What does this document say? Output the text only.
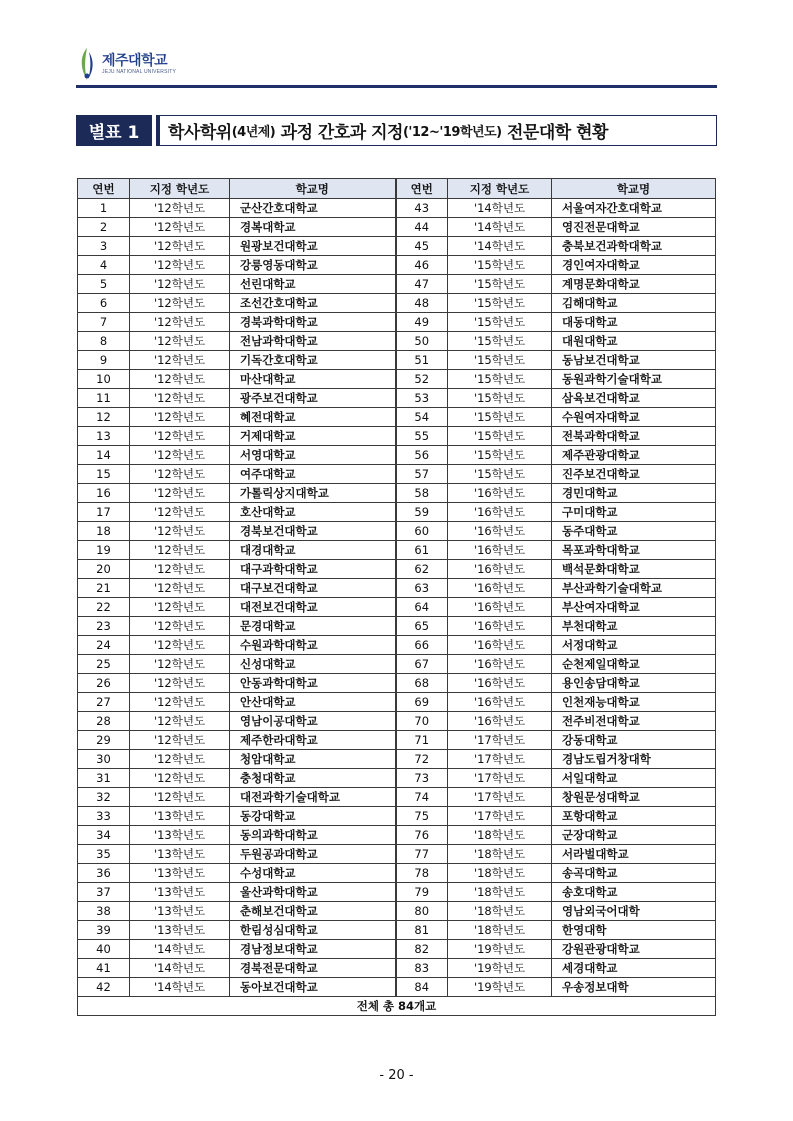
제주대학교
JEJU NATIONAL UNIVERSITY
별표 1	학사학위 (4년제) 과정 간호과 지정 ('12~'19학년도) 전문대학 현황
연번	지정 학년도	학교명	연번	지정 학년도	학교명
1	'12학년도	군산간호대학교	43	'14학년도	서울여자간호대학교
2	'12학년도	경복대학교	44	'14학년도	영진전문대학교
3	'12학년도	원광보건대학교	45	'14학년도	충북보건과학대학교
4	'12학년도	강릉영동대학교	46	'15학년도	경인여자대학교
5	'12학년도	선린대학교	47	'15학년도	계명문화대학교
6	'12학년도	조선간호대학교	48	'15학년도	김해대학교
7	'12학년도	경북과학대학교	49	'15학년도	대동대학교
8	'12학년도	전남과학대학교	50	'15학년도	대원대학교
9	'12학년도	기독간호대학교	51	'15학년도	동남보건대학교
10	'12학년도	마산대학교	52	'15학년도	동원과학기술대학교
11	'12학년도	광주보건대학교	53	'15학년도	삼육보건대학교
12	'12학년도	혜전대학교	54	'15학년도	수원여자대학교
13	'12학년도	거제대학교	55	'15학년도	전북과학대학교
14	'12학년도	서영대학교	56	'15학년도	제주관광대학교
15	'12학년도	여주대학교	57	'15학년도	진주보건대학교
16	'12학년도	가톨릭상지대학교	58	'16학년도	경민대학교
17	'12학년도	호산대학교	59	'16학년도	구미대학교
18	'12학년도	경북보건대학교	60	'16학년도	동주대학교
19	'12학년도	대경대학교	61	'16학년도	목포과학대학교
20	'12학년도	대구과학대학교	62	'16학년도	백석문화대학교
21	'12학년도	대구보건대학교	63	'16학년도	부산과학기술대학교
22	'12학년도	대전보건대학교	64	'16학년도	부산여자대학교
23	'12학년도	문경대학교	65	'16학년도	부천대학교
24	'12학년도	수원과학대학교	66	'16학년도	서정대학교
25	'12학년도	신성대학교	67	'16학년도	순천제일대학교
26	'12학년도	안동과학대학교	68	'16학년도	용인송담대학교
27	'12학년도	안산대학교	69	'16학년도	인천재능대학교
28	'12학년도	영남이공대학교	70	'16학년도	전주비전대학교
29	'12학년도	제주한라대학교	71	'17학년도	강동대학교
30	'12학년도	청암대학교	72	'17학년도	경남도립거창대학
31	'12학년도	충청대학교	73	'17학년도	서일대학교
32	'12학년도	대전과학기술대학교	74	'17학년도	창원문성대학교
33	'13학년도	동강대학교	75	'17학년도	포항대학교
34	'13학년도	동의과학대학교	76	'18학년도	군장대학교
35	'13학년도	두원공과대학교	77	'18학년도	서라벌대학교
36	'13학년도	수성대학교	78	'18학년도	송곡대학교
37	'13학년도	울산과학대학교	79	'18학년도	송호대학교
38	'13학년도	춘해보건대학교	80	'18학년도	영남외국어대학
39	'13학년도	한림성심대학교	81	'18학년도	한영대학
40	'14학년도	경남정보대학교	82	'19학년도	강원관광대학교
41	'14학년도	경북전문대학교	83	'19학년도	세경대학교
42	'14학년도	동아보건대학교	84	'19학년도	우송정보대학
전체 총 84개교					
- 20 -
